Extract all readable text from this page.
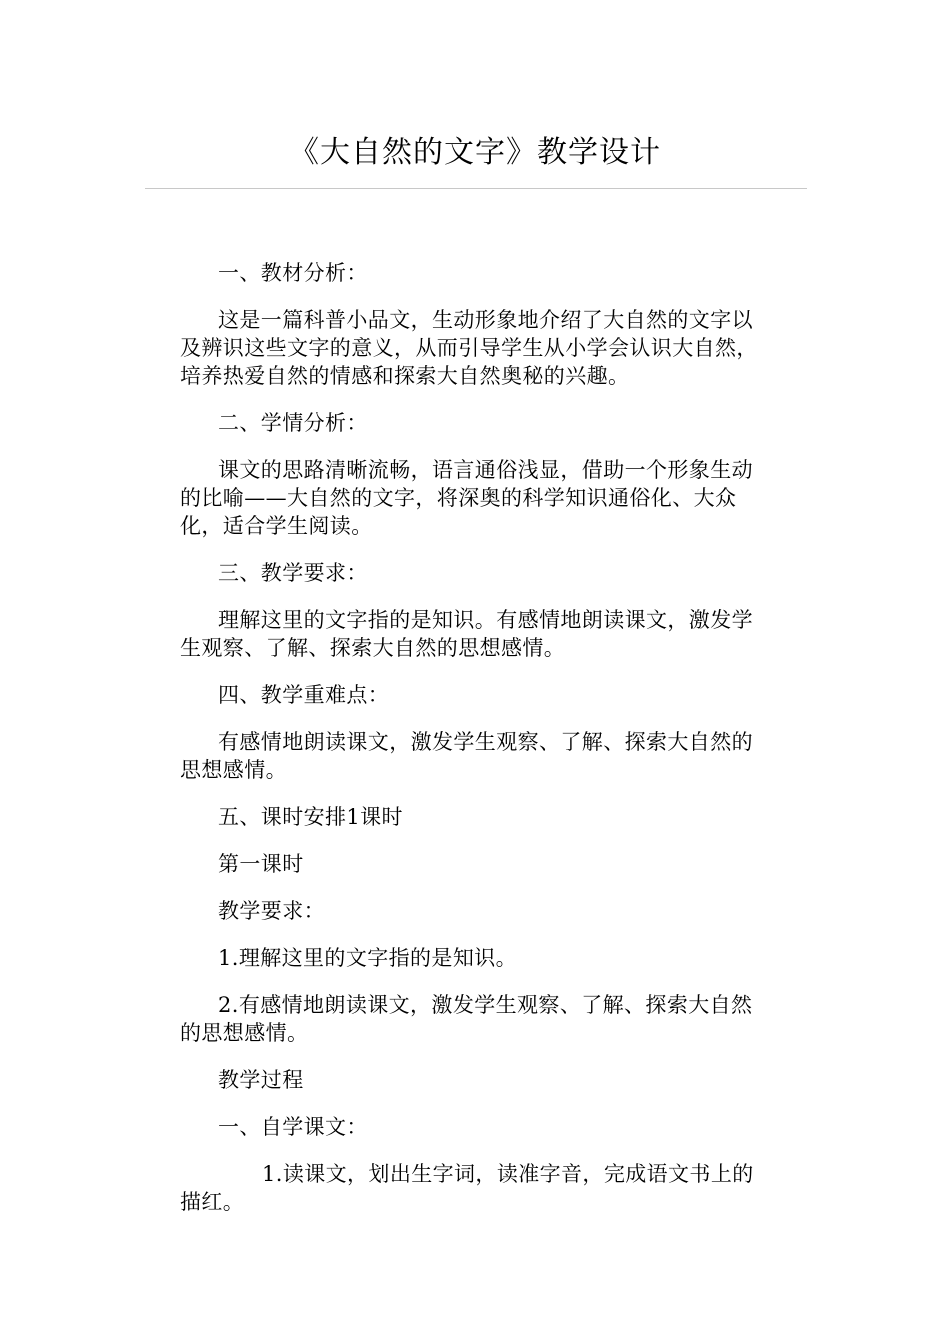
《大自然的文字》教学设计

一、教材分析：

这是一篇科普小品文，生动形象地介绍了大自然的文字以及辨识这些文字的意义，从而引导学生从小学会认识大自然，培养热爱自然的情感和探索大自然奥秘的兴趣。

二、学情分析：

课文的思路清晰流畅，语言通俗浅显，借助一个形象生动的比喻——大自然的文字，将深奥的科学知识通俗化、大众化，适合学生阅读。

三、教学要求：

理解这里的文字指的是知识。有感情地朗读课文，激发学生观察、了解、探索大自然的思想感情。

四、教学重难点：

有感情地朗读课文，激发学生观察、了解、探索大自然的思想感情。

五、课时安排1课时

第一课时

教学要求：

1.理解这里的文字指的是知识。

2.有感情地朗读课文，激发学生观察、了解、探索大自然的思想感情。

教学过程

一、自学课文：

1.读课文，划出生字词，读准字音，完成语文书上的描红。
